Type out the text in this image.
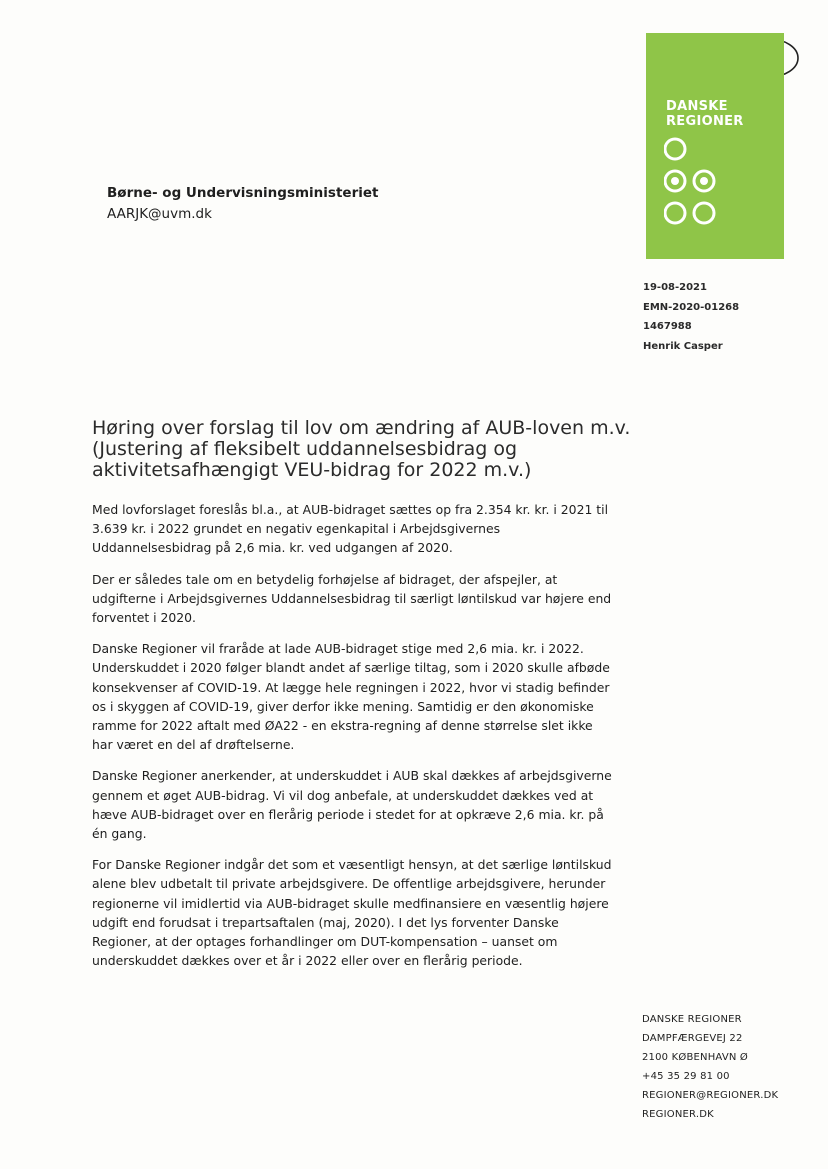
DANSKE
REGIONER
Børne- og Undervisningsministeriet
AARJK@uvm.dk
19-08-2021
EMN-2020-01268
1467988
Henrik Casper
Høring over forslag til lov om ændring af AUB-loven m.v.
(Justering af fleksibelt uddannelsesbidrag og
aktivitetsafhængigt VEU-bidrag for 2022 m.v.)

Med lovforslaget foreslås bl.a., at AUB-bidraget sættes op fra 2.354 kr. kr. i 2021 til 3.639 kr. i 2022 grundet en negativ egenkapital i Arbejdsgivernes Uddannelsesbidrag på 2,6 mia. kr. ved udgangen af 2020.

Der er således tale om en betydelig forhøjelse af bidraget, der afspejler, at udgifterne i Arbejdsgivernes Uddannelsesbidrag til særligt løntilskud var højere end forventet i 2020.

Danske Regioner vil fraråde at lade AUB-bidraget stige med 2,6 mia. kr. i 2022. Underskuddet i 2020 følger blandt andet af særlige tiltag, som i 2020 skulle afbøde konsekvenser af COVID-19. At lægge hele regningen i 2022, hvor vi stadig befinder os i skyggen af COVID-19, giver derfor ikke mening. Samtidig er den økonomiske ramme for 2022 aftalt med ØA22 - en ekstra-regning af denne størrelse slet ikke har været en del af drøftelserne.

Danske Regioner anerkender, at underskuddet i AUB skal dækkes af arbejdsgiverne gennem et øget AUB-bidrag. Vi vil dog anbefale, at underskuddet dækkes ved at hæve AUB-bidraget over en flerårig periode i stedet for at opkræve 2,6 mia. kr. på én gang.

For Danske Regioner indgår det som et væsentligt hensyn, at det særlige løntilskud alene blev udbetalt til private arbejdsgivere. De offentlige arbejdsgivere, herunder regionerne vil imidlertid via AUB-bidraget skulle medfinansiere en væsentlig højere udgift end forudsat i trepartsaftalen (maj, 2020). I det lys forventer Danske Regioner, at der optages forhandlinger om DUT-kompensation – uanset om underskuddet dækkes over et år i 2022 eller over en flerårig periode.

DANSKE REGIONER
DAMPFÆRGEVEJ 22
2100 KØBENHAVN Ø
+45 35 29 81 00
REGIONER@REGIONER.DK
REGIONER.DK
